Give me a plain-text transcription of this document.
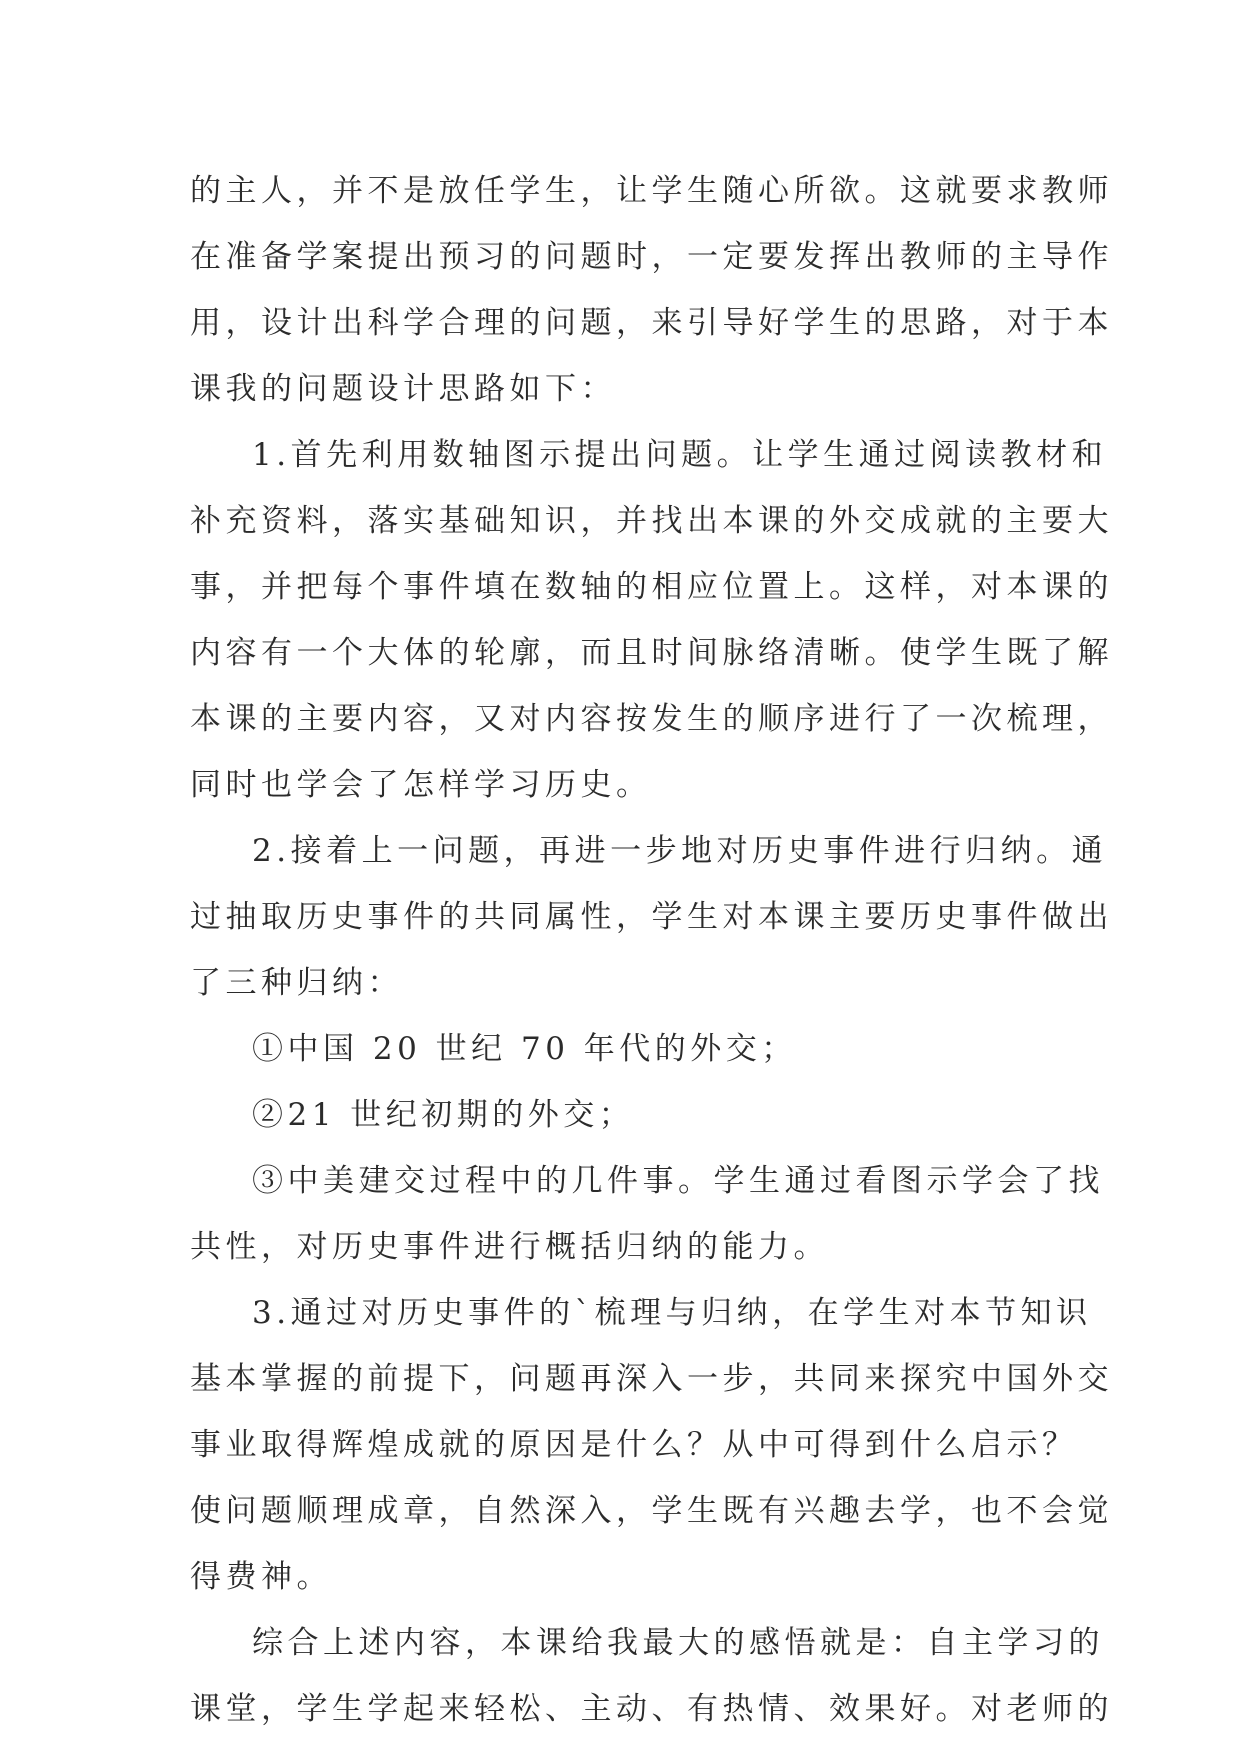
的主人，并不是放任学生，让学生随心所欲。这就要求教师
在准备学案提出预习的问题时，一定要发挥出教师的主导作
用，设计出科学合理的问题，来引导好学生的思路，对于本
课我的问题设计思路如下：
1.首先利用数轴图示提出问题。让学生通过阅读教材和
补充资料，落实基础知识，并找出本课的外交成就的主要大
事，并把每个事件填在数轴的相应位置上。这样，对本课的
内容有一个大体的轮廓，而且时间脉络清晰。使学生既了解
本课的主要内容，又对内容按发生的顺序进行了一次梳理，
同时也学会了怎样学习历史。
2.接着上一问题，再进一步地对历史事件进行归纳。通
过抽取历史事件的共同属性，学生对本课主要历史事件做出
了三种归纳：
①中国 20 世纪 70 年代的外交；
②21 世纪初期的外交；
③中美建交过程中的几件事。学生通过看图示学会了找
共性，对历史事件进行概括归纳的能力。
3.通过对历史事件的`梳理与归纳，在学生对本节知识
基本掌握的前提下，问题再深入一步，共同来探究中国外交
事业取得辉煌成就的原因是什么？从中可得到什么启示？
使问题顺理成章，自然深入，学生既有兴趣去学，也不会觉
得费神。
综合上述内容，本课给我最大的感悟就是：自主学习的
课堂，学生学起来轻松、主动、有热情、效果好。对老师的
